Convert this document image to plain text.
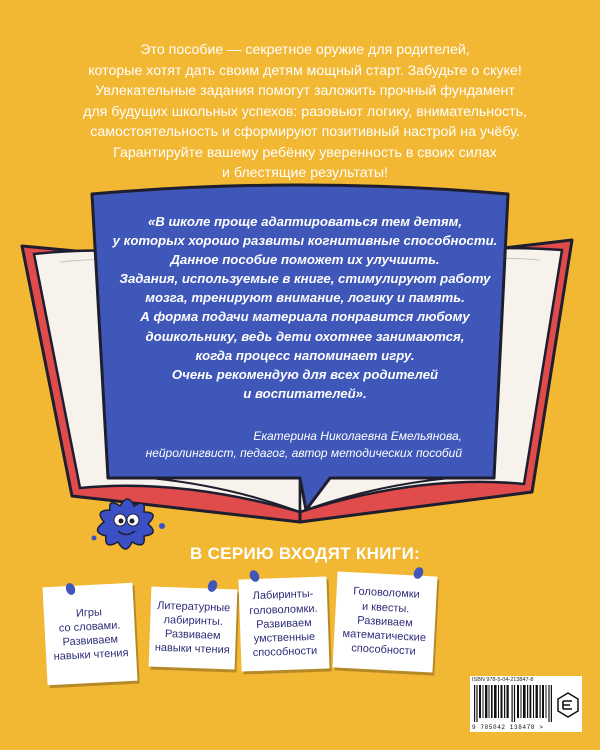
Это пособие — секретное оружие для родителей,
которые хотят дать своим детям мощный старт. Забудьте о скуке!
Увлекательные задания помогут заложить прочный фундамент
для будущих школьных успехов: разовьют логику, внимательность,
самостоятельность и сформируют позитивный настрой на учёбу.
Гарантируйте вашему ребёнку уверенность в своих силах
и блестящие результаты!
«В школе проще адаптироваться тем детям,
у которых хорошо развиты когнитивные способности.
Данное пособие поможет их улучшить.
Задания, используемые в книге, стимулируют работу
мозга, тренируют внимание, логику и память.
А форма подачи материала понравится любому
дошкольнику, ведь дети охотнее занимаются,
когда процесс напоминает игру.
Очень рекомендую для всех родителей
и воспитателей».
Екатерина Николаевна Емельянова,
нейролингвист, педагог, автор методических пособий
В СЕРИЮ ВХОДЯТ КНИГИ:
Игры
со словами.
Развиваем
навыки чтения
Литературные
лабиринты.
Развиваем
навыки чтения
Лабиринты-
головоломки.
Развиваем
умственные
способности
Головоломки
и квесты.
Развиваем
математические
способности
ISBN 978-5-04-213847-8
9 785042 138478 >
